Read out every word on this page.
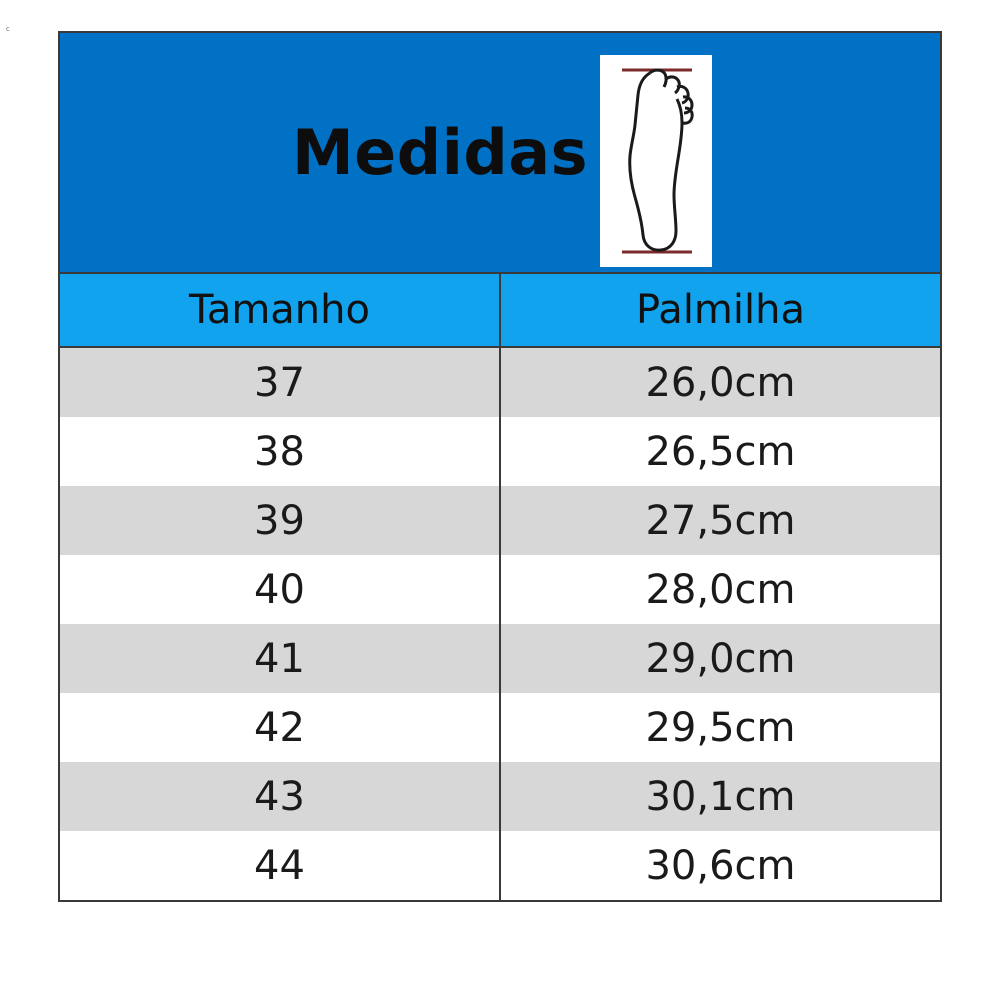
c
Medidas
Tamanho	Palmilha
37	26,0cm
38	26,5cm
39	27,5cm
40	28,0cm
41	29,0cm
42	29,5cm
43	30,1cm
44	30,6cm
